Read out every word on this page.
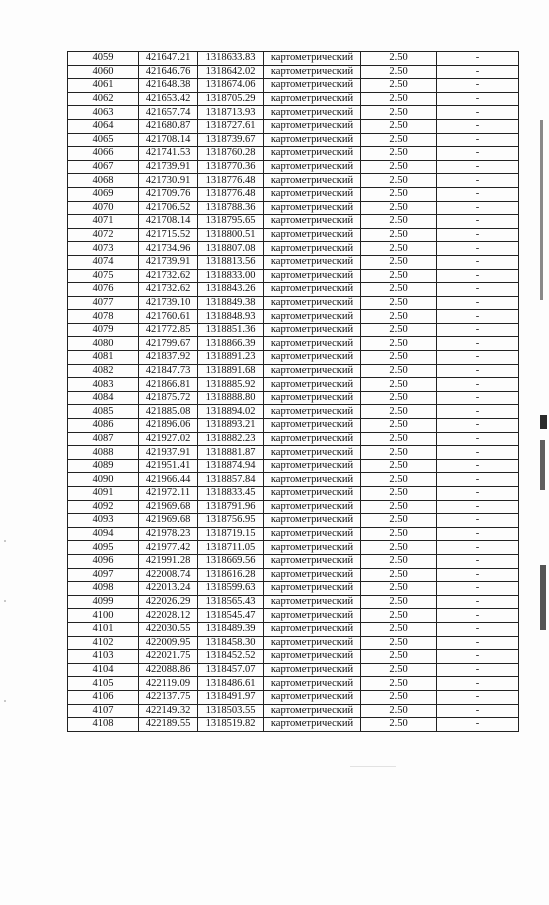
4059	421647.21	1318633.83	картометрический	2.50	-
4060	421646.76	1318642.02	картометрический	2.50	-
4061	421648.38	1318674.06	картометрический	2.50	-
4062	421653.42	1318705.29	картометрический	2.50	-
4063	421657.74	1318713.93	картометрический	2.50	-
4064	421680.87	1318727.61	картометрический	2.50	-
4065	421708.14	1318739.67	картометрический	2.50	-
4066	421741.53	1318760.28	картометрический	2.50	-
4067	421739.91	1318770.36	картометрический	2.50	-
4068	421730.91	1318776.48	картометрический	2.50	-
4069	421709.76	1318776.48	картометрический	2.50	-
4070	421706.52	1318788.36	картометрический	2.50	-
4071	421708.14	1318795.65	картометрический	2.50	-
4072	421715.52	1318800.51	картометрический	2.50	-
4073	421734.96	1318807.08	картометрический	2.50	-
4074	421739.91	1318813.56	картометрический	2.50	-
4075	421732.62	1318833.00	картометрический	2.50	-
4076	421732.62	1318843.26	картометрический	2.50	-
4077	421739.10	1318849.38	картометрический	2.50	-
4078	421760.61	1318848.93	картометрический	2.50	-
4079	421772.85	1318851.36	картометрический	2.50	-
4080	421799.67	1318866.39	картометрический	2.50	-
4081	421837.92	1318891.23	картометрический	2.50	-
4082	421847.73	1318891.68	картометрический	2.50	-
4083	421866.81	1318885.92	картометрический	2.50	-
4084	421875.72	1318888.80	картометрический	2.50	-
4085	421885.08	1318894.02	картометрический	2.50	-
4086	421896.06	1318893.21	картометрический	2.50	-
4087	421927.02	1318882.23	картометрический	2.50	-
4088	421937.91	1318881.87	картометрический	2.50	-
4089	421951.41	1318874.94	картометрический	2.50	-
4090	421966.44	1318857.84	картометрический	2.50	-
4091	421972.11	1318833.45	картометрический	2.50	-
4092	421969.68	1318791.96	картометрический	2.50	-
4093	421969.68	1318756.95	картометрический	2.50	-
4094	421978.23	1318719.15	картометрический	2.50	-
4095	421977.42	1318711.05	картометрический	2.50	-
4096	421991.28	1318669.56	картометрический	2.50	-
4097	422008.74	1318616.28	картометрический	2.50	-
4098	422013.24	1318599.63	картометрический	2.50	-
4099	422026.29	1318565.43	картометрический	2.50	-
4100	422028.12	1318545.47	картометрический	2.50	-
4101	422030.55	1318489.39	картометрический	2.50	-
4102	422009.95	1318458.30	картометрический	2.50	-
4103	422021.75	1318452.52	картометрический	2.50	-
4104	422088.86	1318457.07	картометрический	2.50	-
4105	422119.09	1318486.61	картометрический	2.50	-
4106	422137.75	1318491.97	картометрический	2.50	-
4107	422149.32	1318503.55	картометрический	2.50	-
4108	422189.55	1318519.82	картометрический	2.50	-
